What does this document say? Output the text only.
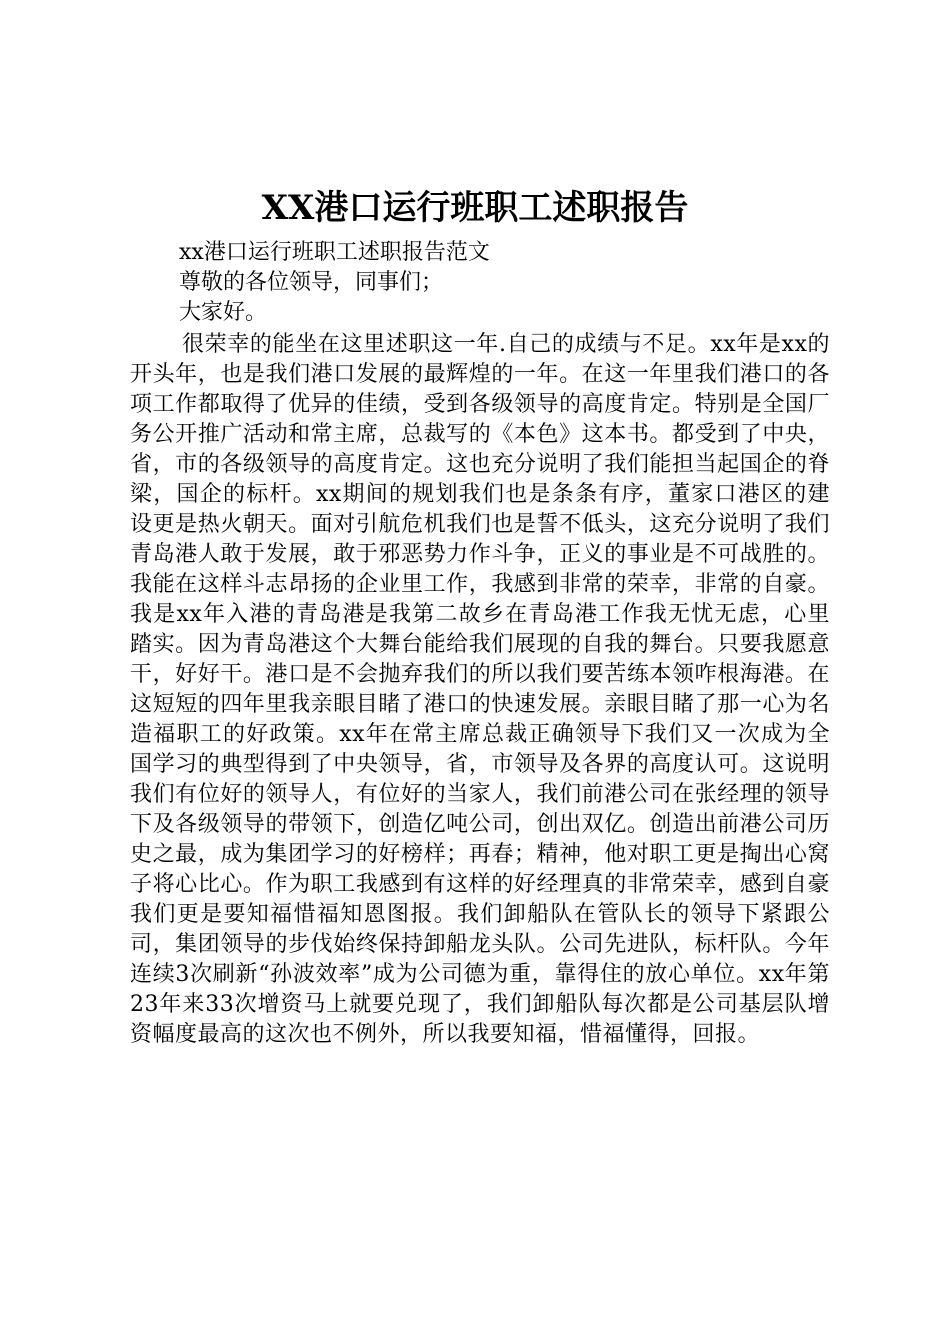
XX港口运行班职工述职报告

xx港口运行班职工述职报告范文

尊敬的各位领导，同事们；

大家好。

很荣幸的能坐在这里述职这一年.自己的成绩与不足。xx年是xx的开头年，也是我们港口发展的最辉煌的一年。在这一年里我们港口的各项工作都取得了优异的佳绩，受到各级领导的高度肯定。特别是全国厂务公开推广活动和常主席，总裁写的《本色》这本书。都受到了中央，省，市的各级领导的高度肯定。这也充分说明了我们能担当起国企的脊梁，国企的标杆。xx期间的规划我们也是条条有序，董家口港区的建设更是热火朝天。面对引航危机我们也是誓不低头，这充分说明了我们青岛港人敢于发展，敢于邪恶势力作斗争，正义的事业是不可战胜的。我能在这样斗志昂扬的企业里工作，我感到非常的荣幸，非常的自豪。我是xx年入港的青岛港是我第二故乡在青岛港工作我无忧无虑，心里踏实。因为青岛港这个大舞台能给我们展现的自我的舞台。只要我愿意干，好好干。港口是不会抛弃我们的所以我们要苦练本领咋根海港。在这短短的四年里我亲眼目睹了港口的快速发展。亲眼目睹了那一心为名造福职工的好政策。xx年在常主席总裁正确领导下我们又一次成为全国学习的典型得到了中央领导，省，市领导及各界的高度认可。这说明我们有位好的领导人，有位好的当家人，我们前港公司在张经理的领导下及各级领导的带领下，创造亿吨公司，创出双亿。创造出前港公司历史之最，成为集团学习的好榜样；再春；精神，他对职工更是掏出心窝子将心比心。作为职工我感到有这样的好经理真的非常荣幸，感到自豪我们更是要知福惜福知恩图报。我们卸船队在管队长的领导下紧跟公司，集团领导的步伐始终保持卸船龙头队。公司先进队，标杆队。今年连续3次刷新“孙波效率”成为公司德为重，靠得住的放心单位。xx年第23年来33次增资马上就要兑现了，我们卸船队每次都是公司基层队增资幅度最高的这次也不例外，所以我要知福，惜福懂得，回报。
